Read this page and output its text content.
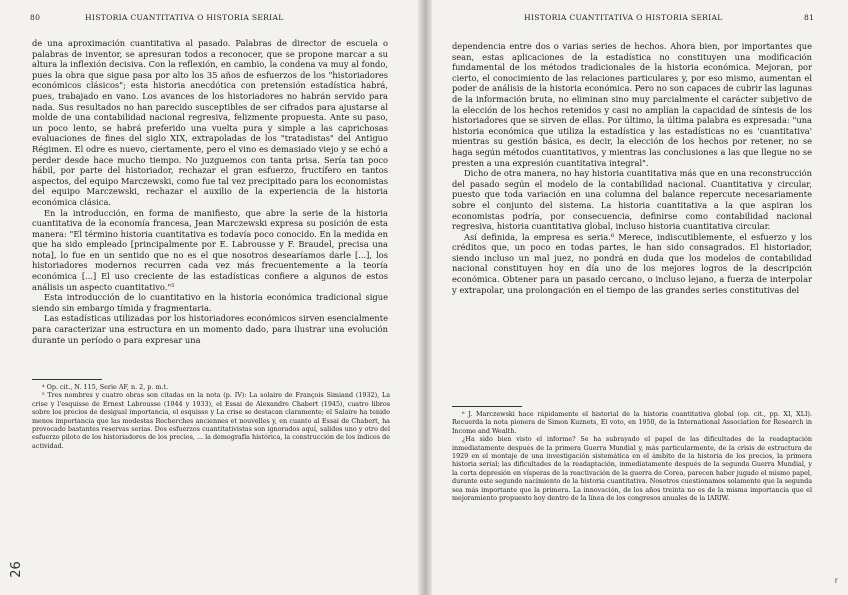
80	HISTORIA CUANTITATIVA O HISTORIA SERIAL

de una aproximación cuantitativa al pasado. Palabras de director de escuela o palabras de inventor, se apresuran todos a reconocer, que se propone marcar a su altura la inflexión decisiva. Con la reflexión, en cambio, la condena va muy al fondo, pues la obra que sigue pasa por alto los 35 años de esfuerzos de los "historiadores económicos clásicos"; esta historia anecdótica con pretensión estadística habrá, pues, trabajado en vano. Los avances de los historiadores no habrán servido para nada. Sus resultados no han parecido susceptibles de ser cifrados para ajustarse al molde de una contabilidad nacional regresiva, felizmente propuesta. Ante su paso, un poco lento, se habrá preferido una vuelta pura y simple a las caprichosas evaluaciones de fines del siglo XIX, extrapoladas de los "tratadistas" del Antiguo Régimen. El odre es nuevo, ciertamente, pero el vino es demasiado viejo y se echó a perder desde hace mucho tiempo. No juzguemos con tanta prisa. Sería tan poco hábil, por parte del historiador, rechazar el gran esfuerzo, fructífero en tantos aspectos, del equipo Marczewski, como fue tal vez precipitado para los economistas del equipo Marczewski, rechazar el auxilio de la experiencia de la historia económica clásica.

En la introducción, en forma de manifiesto, que abre la serie de la historia cuantitativa de la economía francesa, Jean Marczewski expresa su posición de esta manera: "El término historia cuantitativa es todavía poco conocido. En la medida en que ha sido empleado [principalmente por E. Labrousse y F. Braudel, precisa una nota], lo fue en un sentido que no es el que nosotros desearíamos darle [...], los historiadores modernos recurren cada vez más frecuentemente a la teoría económica [...] El uso creciente de las estadísticas confiere a algunos de estos análisis un aspecto cuantitativo."⁵

Esta introducción de lo cuantitativo en la historia económica tradicional sigue siendo sin embargo tímida y fragmentaria.

Las estadísticas utilizadas por los historiadores económicos sirven esencialmente para caracterizar una estructura en un momento dado, para ilustrar una evolución durante un período o para expresar una

⁴ Op. cit., N. 115, Serie AF, n. 2, p. m.t.

⁵ Tres nombres y cuatro obras son citadas en la nota (p. IV): La solaire de François Simiand (1932), La crise y l'esquisse de Ernest Labrousse (1944 y 1933), el Essai de Alexandre Chabert (1945), cuatro libros sobre los precios de desigual importancia, el esquisse y La crise se destacan claramente; el Salaire ha tenido menos importancia que las modestas Recherches anciennes et nouvelles y, en cuanto al Essai de Chabert, ha provocado bastantes reservas serias. Dos esfuerzos cuantitativistas son ignorados aquí, salidos uno y otro del esfuerzo piloto de los historiadores de los precios, ... la demografía histórica, la construcción de los índices de actividad.

26
HISTORIA CUANTITATIVA O HISTORIA SERIAL	81

dependencia entre dos o varias series de hechos. Ahora bien, por importantes que sean, estas aplicaciones de la estadística no constituyen una modificación fundamental de los métodos tradicionales de la historia económica. Mejoran, por cierto, el conocimiento de las relaciones particulares y, por eso mismo, aumentan el poder de análisis de la historia económica. Pero no son capaces de cubrir las lagunas de la información bruta, no eliminan sino muy parcialmente el carácter subjetivo de la elección de los hechos retenidos y casi no amplían la capacidad de síntesis de los historiadores que se sirven de ellas. Por último, la última palabra es expresada: "una historia económica que utiliza la estadística y las estadísticas no es 'cuantitativa' mientras su gestión básica, es decir, la elección de los hechos por retener, no se haga según métodos cuantitativos, y mientras las conclusiones a las que llegue no se presten a una expresión cuantitativa integral".

Dicho de otra manera, no hay historia cuantitativa más que en una reconstrucción del pasado según el modelo de la contabilidad nacional. Cuantitativa y circular, puesto que toda variación en una columna del balance repercute necesariamente sobre el conjunto del sistema. La historia cuantitativa a la que aspiran los economistas podría, por consecuencia, definirse como contabilidad nacional regresiva, historia cuantitativa global, incluso historia cuantitativa circular.

Así definida, la empresa es seria.⁶ Merece, indiscutiblemente, el esfuerzo y los créditos que, un poco en todas partes, le han sido consagrados. El historiador, siendo incluso un mal juez, no pondrá en duda que los modelos de contabilidad nacional constituyen hoy en día uno de los mejores logros de la descripción económica. Obtener para un pasado cercano, o incluso lejano, a fuerza de interpolar y extrapolar, una prolongación en el tiempo de las grandes series constitutivas del

⁶ J. Marczewski hace rápidamente el historial de la historia cuantitativa global (op. cit., pp. XI, XLI). Recuerda la nota pionera de Simon Kuznets, El voto, en 1950, de la International Association for Research in Income and Wealth.

¿Ha sido bien visto el informe? Se ha subrayado el papel de las dificultades de la readaptación inmediatamente después de la primera Guerra Mundial y, más particularmente, de la crisis de estructura de 1929 en el montaje de una investigación sistemática en el ámbito de la historia de los precios, la primera historia serial; las dificultades de la readaptación, inmediatamente después de la segunda Guerra Mundial, y la corta depresión en vísperas de la reactivación de la guerra de Corea, parecen haber jugado el mismo papel, durante este segundo nacimiento de la historia cuantitativa. Nosotros cuestionamos solamente que la segunda sea más importante que la primera. La innovación, de los años treinta no es de la misma importancia que el mejoramiento propuesto hoy dentro de la línea de los congresos anuales de la IARIW.

r
